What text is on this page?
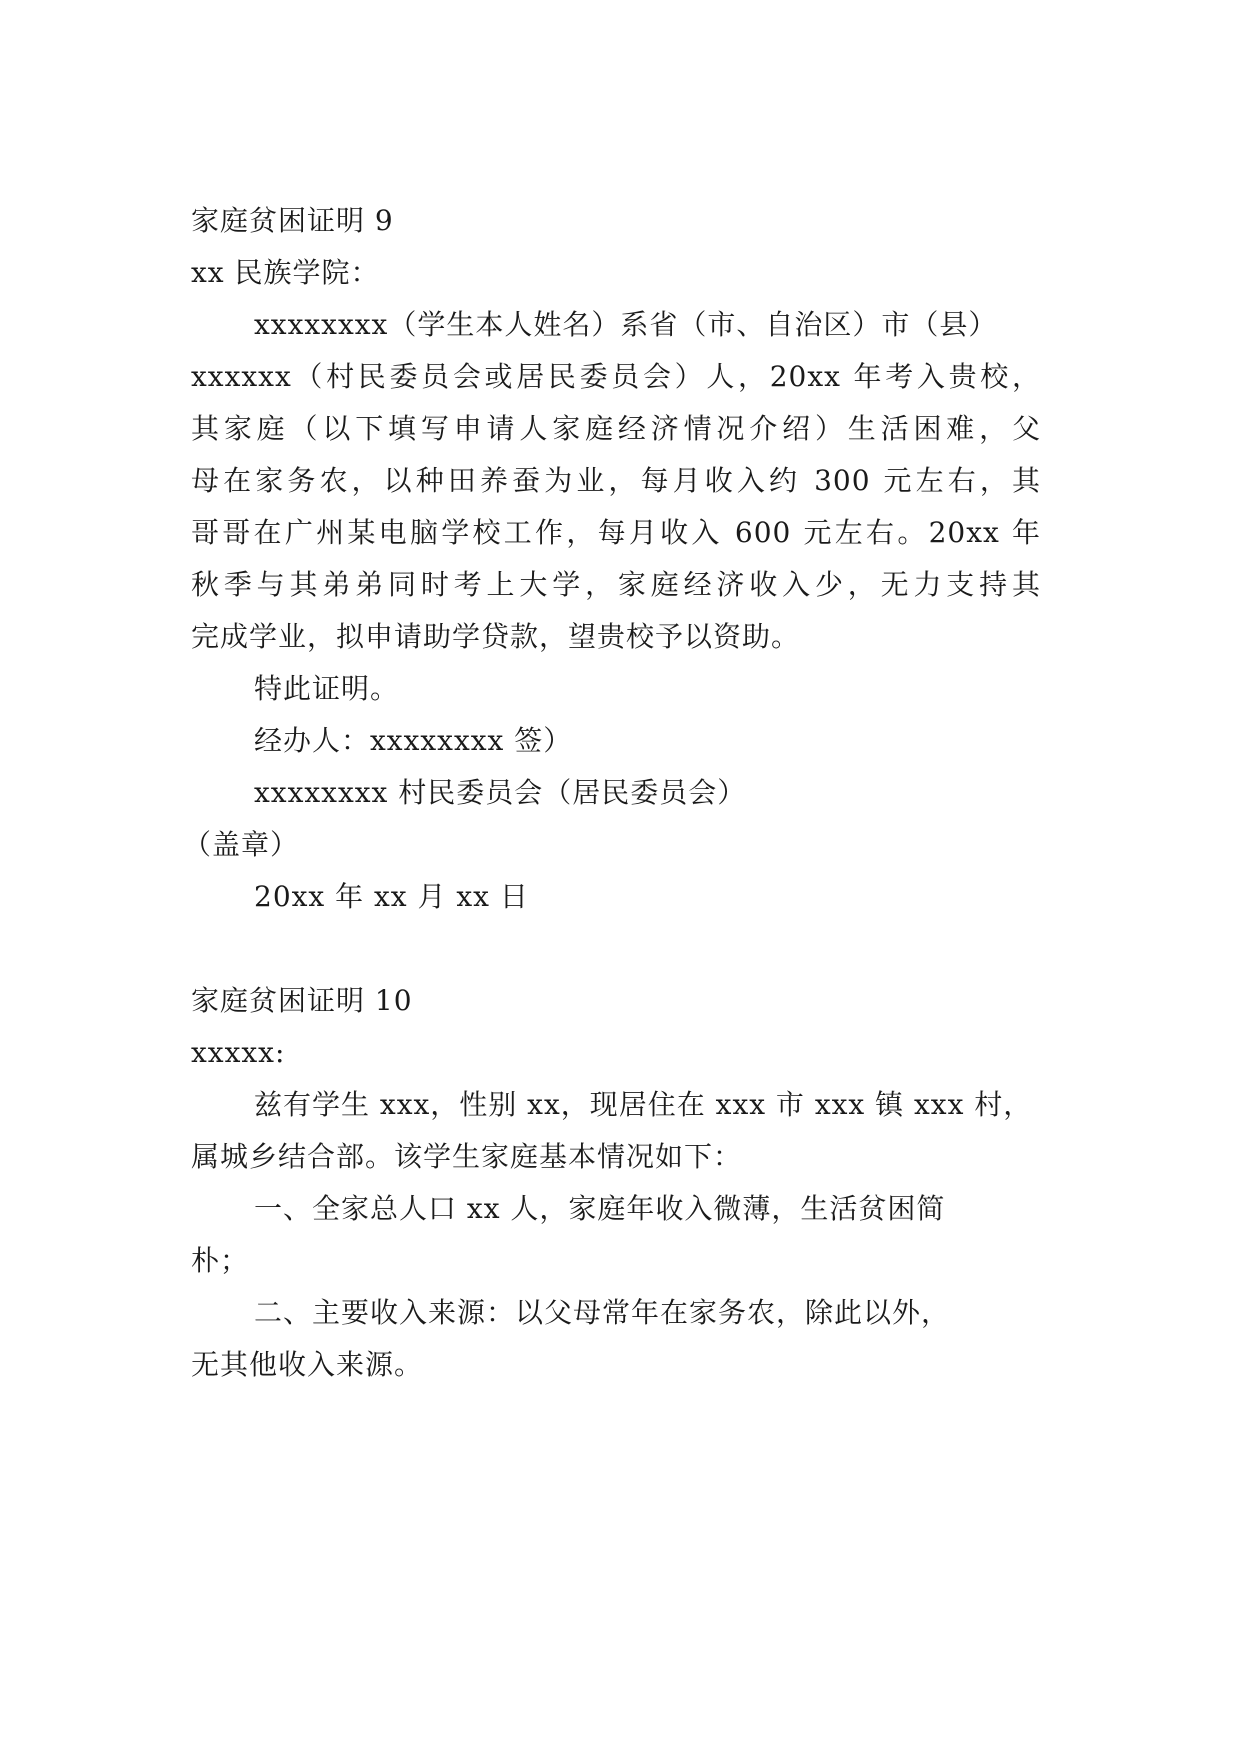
家庭贫困证明 9
xx 民族学院：
xxxxxxxx（学生本人姓名）系省（市、自治区）市（县）
xxxxxx（村民委员会或居民委员会）人，20xx 年考入贵校，
其家庭（以下填写申请人家庭经济情况介绍）生活困难，父
母在家务农，以种田养蚕为业，每月收入约 300 元左右，其
哥哥在广州某电脑学校工作，每月收入 600 元左右。20xx 年
秋季与其弟弟同时考上大学，家庭经济收入少，无力支持其
完成学业，拟申请助学贷款，望贵校予以资助。
特此证明。
经办人：xxxxxxxx 签）
xxxxxxxx 村民委员会（居民委员会）
（盖章）
20xx 年 xx 月 xx 日
家庭贫困证明 10
xxxxx:
兹有学生 xxx，性别 xx，现居住在 xxx 市 xxx 镇 xxx 村，
属城乡结合部。该学生家庭基本情况如下：
一、全家总人口 xx 人，家庭年收入微薄，生活贫困简
朴；
二、主要收入来源：以父母常年在家务农，除此以外，
无其他收入来源。
